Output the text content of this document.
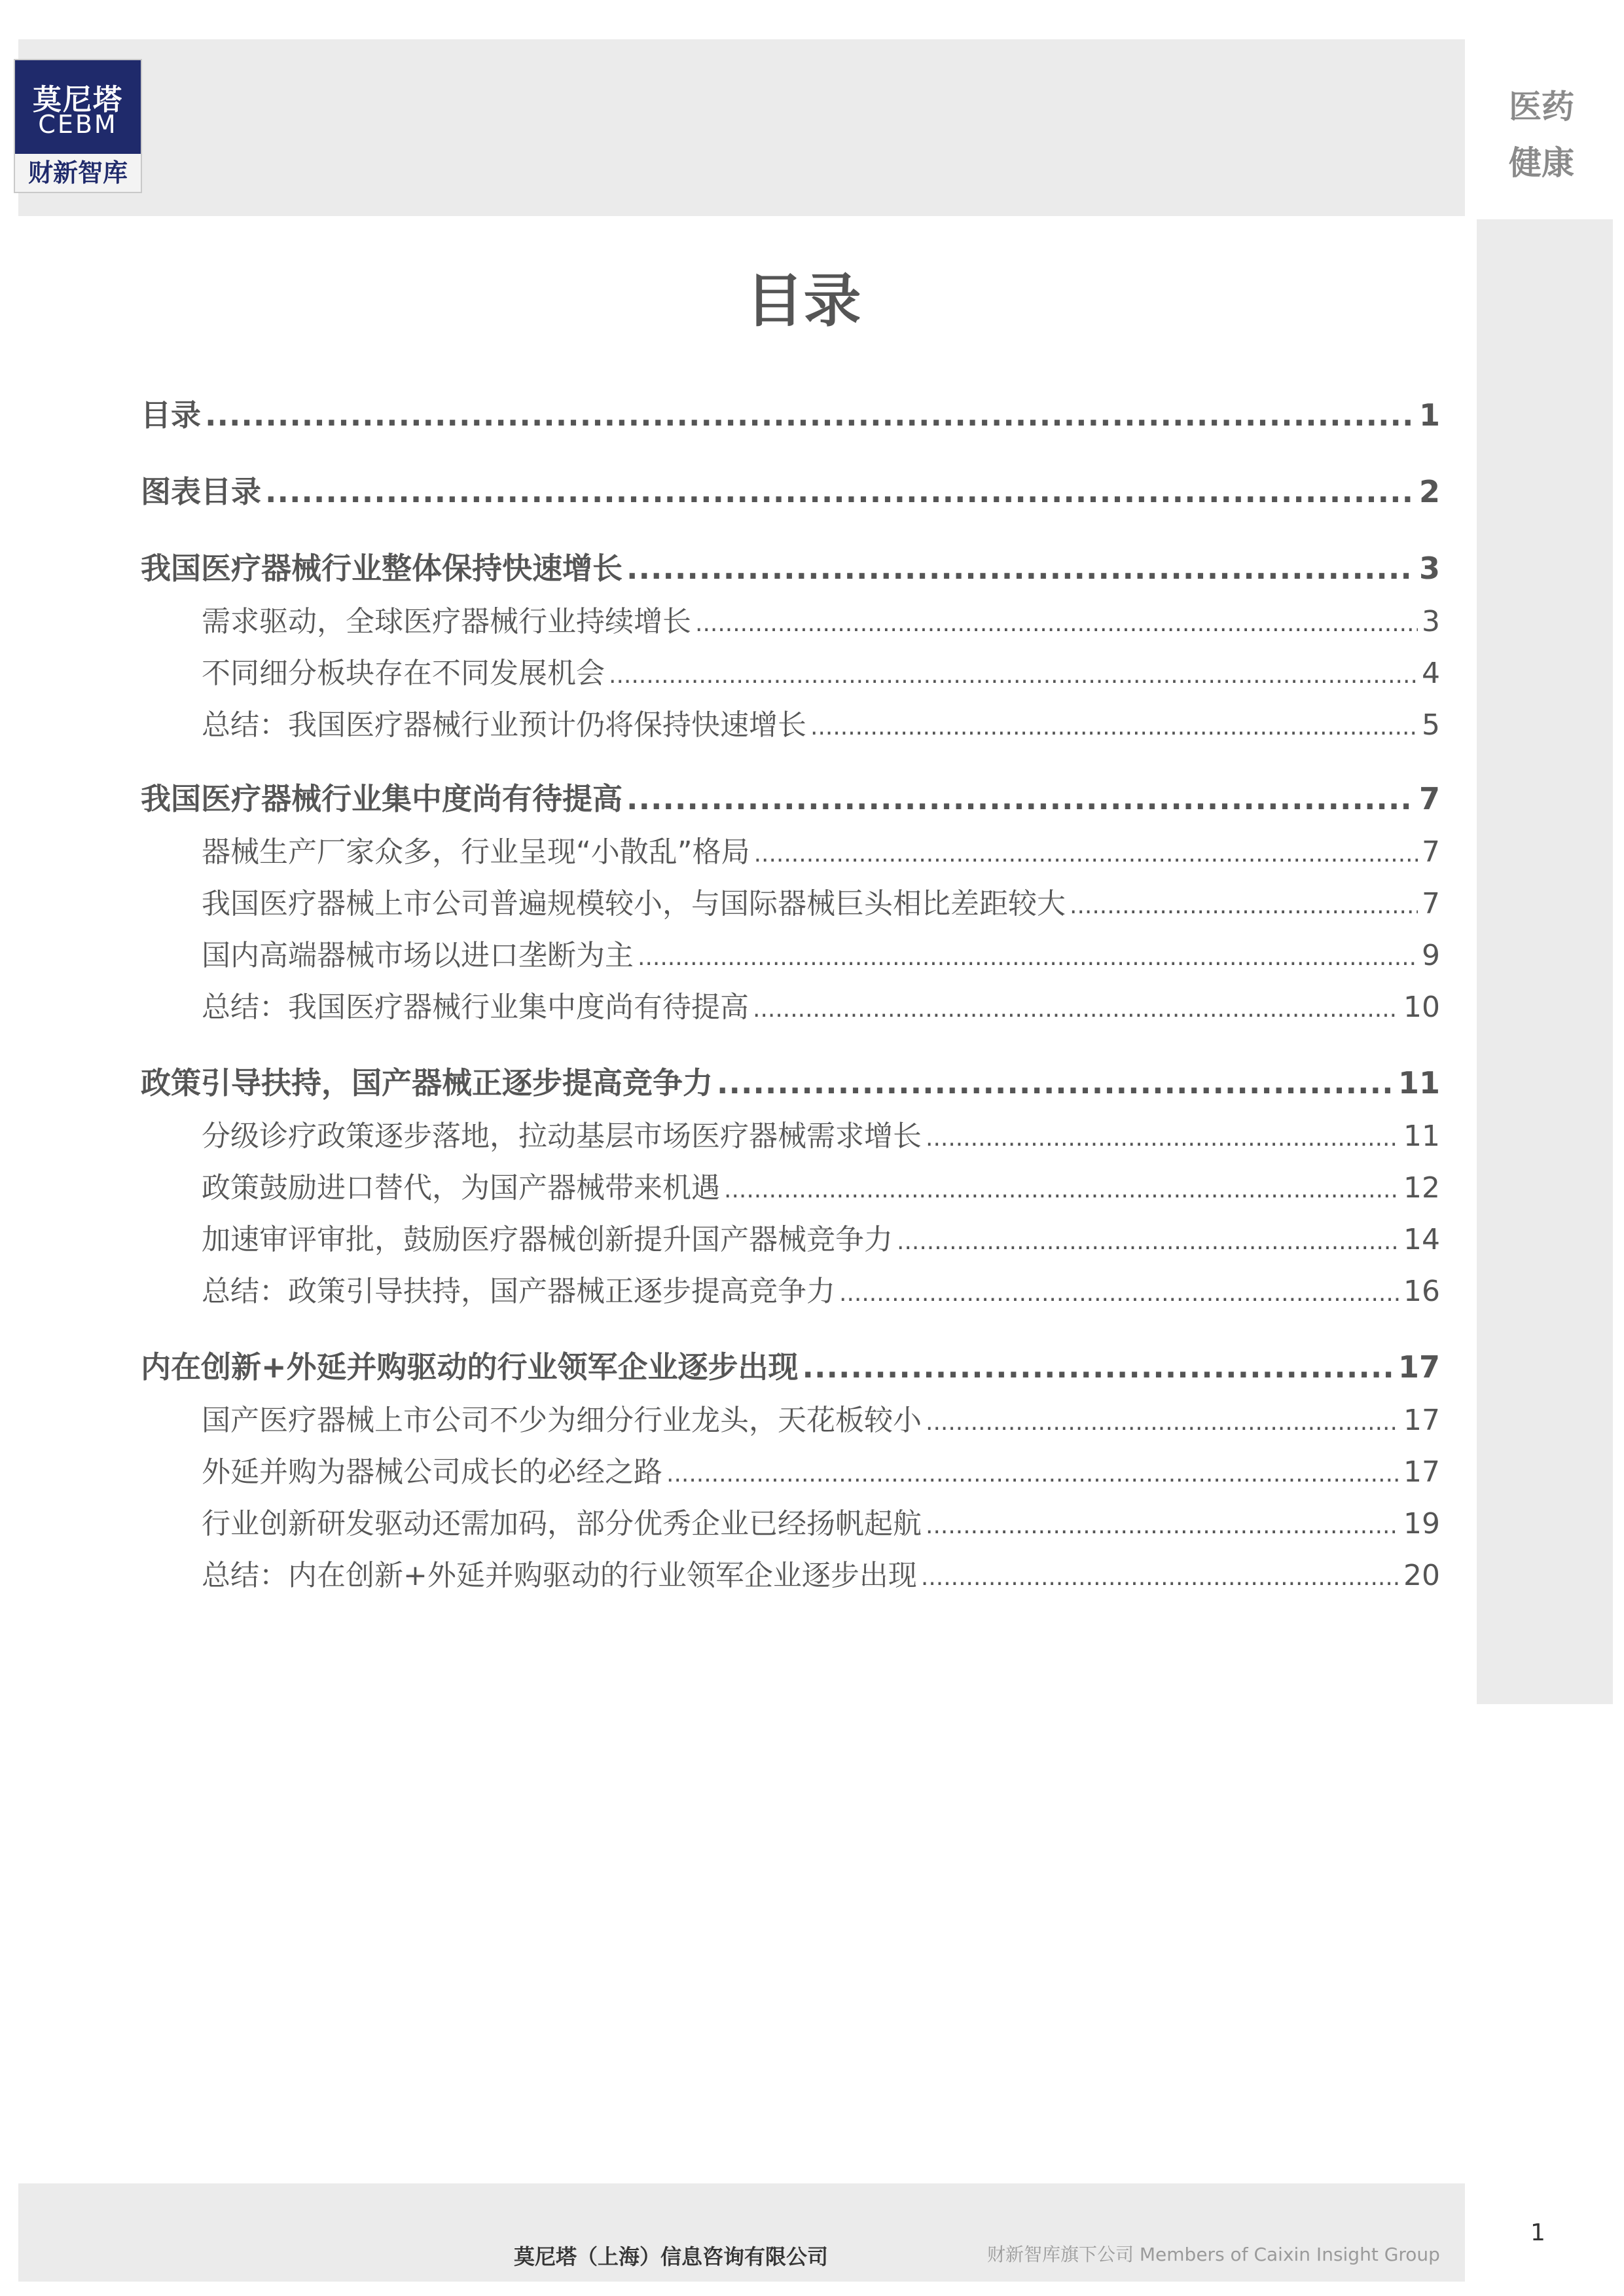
莫尼塔
CEBM
财新智库
医药
健康
目录
目录 .....	1
图表目录 .....	2
我国医疗器械行业整体保持快速增长 .....	3
需求驱动，全球医疗器械行业持续增长 .....	3
不同细分板块存在不同发展机会 .....	4
总结：我国医疗器械行业预计仍将保持快速增长 .....	5
我国医疗器械行业集中度尚有待提高 .....	7
器械生产厂家众多，行业呈现“小散乱”格局 .....	7
我国医疗器械上市公司普遍规模较小，与国际器械巨头相比差距较大 .....	7
国内高端器械市场以进口垄断为主 .....	9
总结：我国医疗器械行业集中度尚有待提高 .....	10
政策引导扶持，国产器械正逐步提高竞争力 .....	11
分级诊疗政策逐步落地，拉动基层市场医疗器械需求增长 .....	11
政策鼓励进口替代，为国产器械带来机遇 .....	12
加速审评审批，鼓励医疗器械创新提升国产器械竞争力 .....	14
总结：政策引导扶持，国产器械正逐步提高竞争力 .....	16
内在创新+外延并购驱动的行业领军企业逐步出现 .....	17
国产医疗器械上市公司不少为细分行业龙头，天花板较小 .....	17
外延并购为器械公司成长的必经之路 .....	17
行业创新研发驱动还需加码，部分优秀企业已经扬帆起航 .....	19
总结：内在创新+外延并购驱动的行业领军企业逐步出现 .....	20
莫尼塔（上海）信息咨询有限公司	财新智库旗下公司 Members of Caixin Insight Group
1
